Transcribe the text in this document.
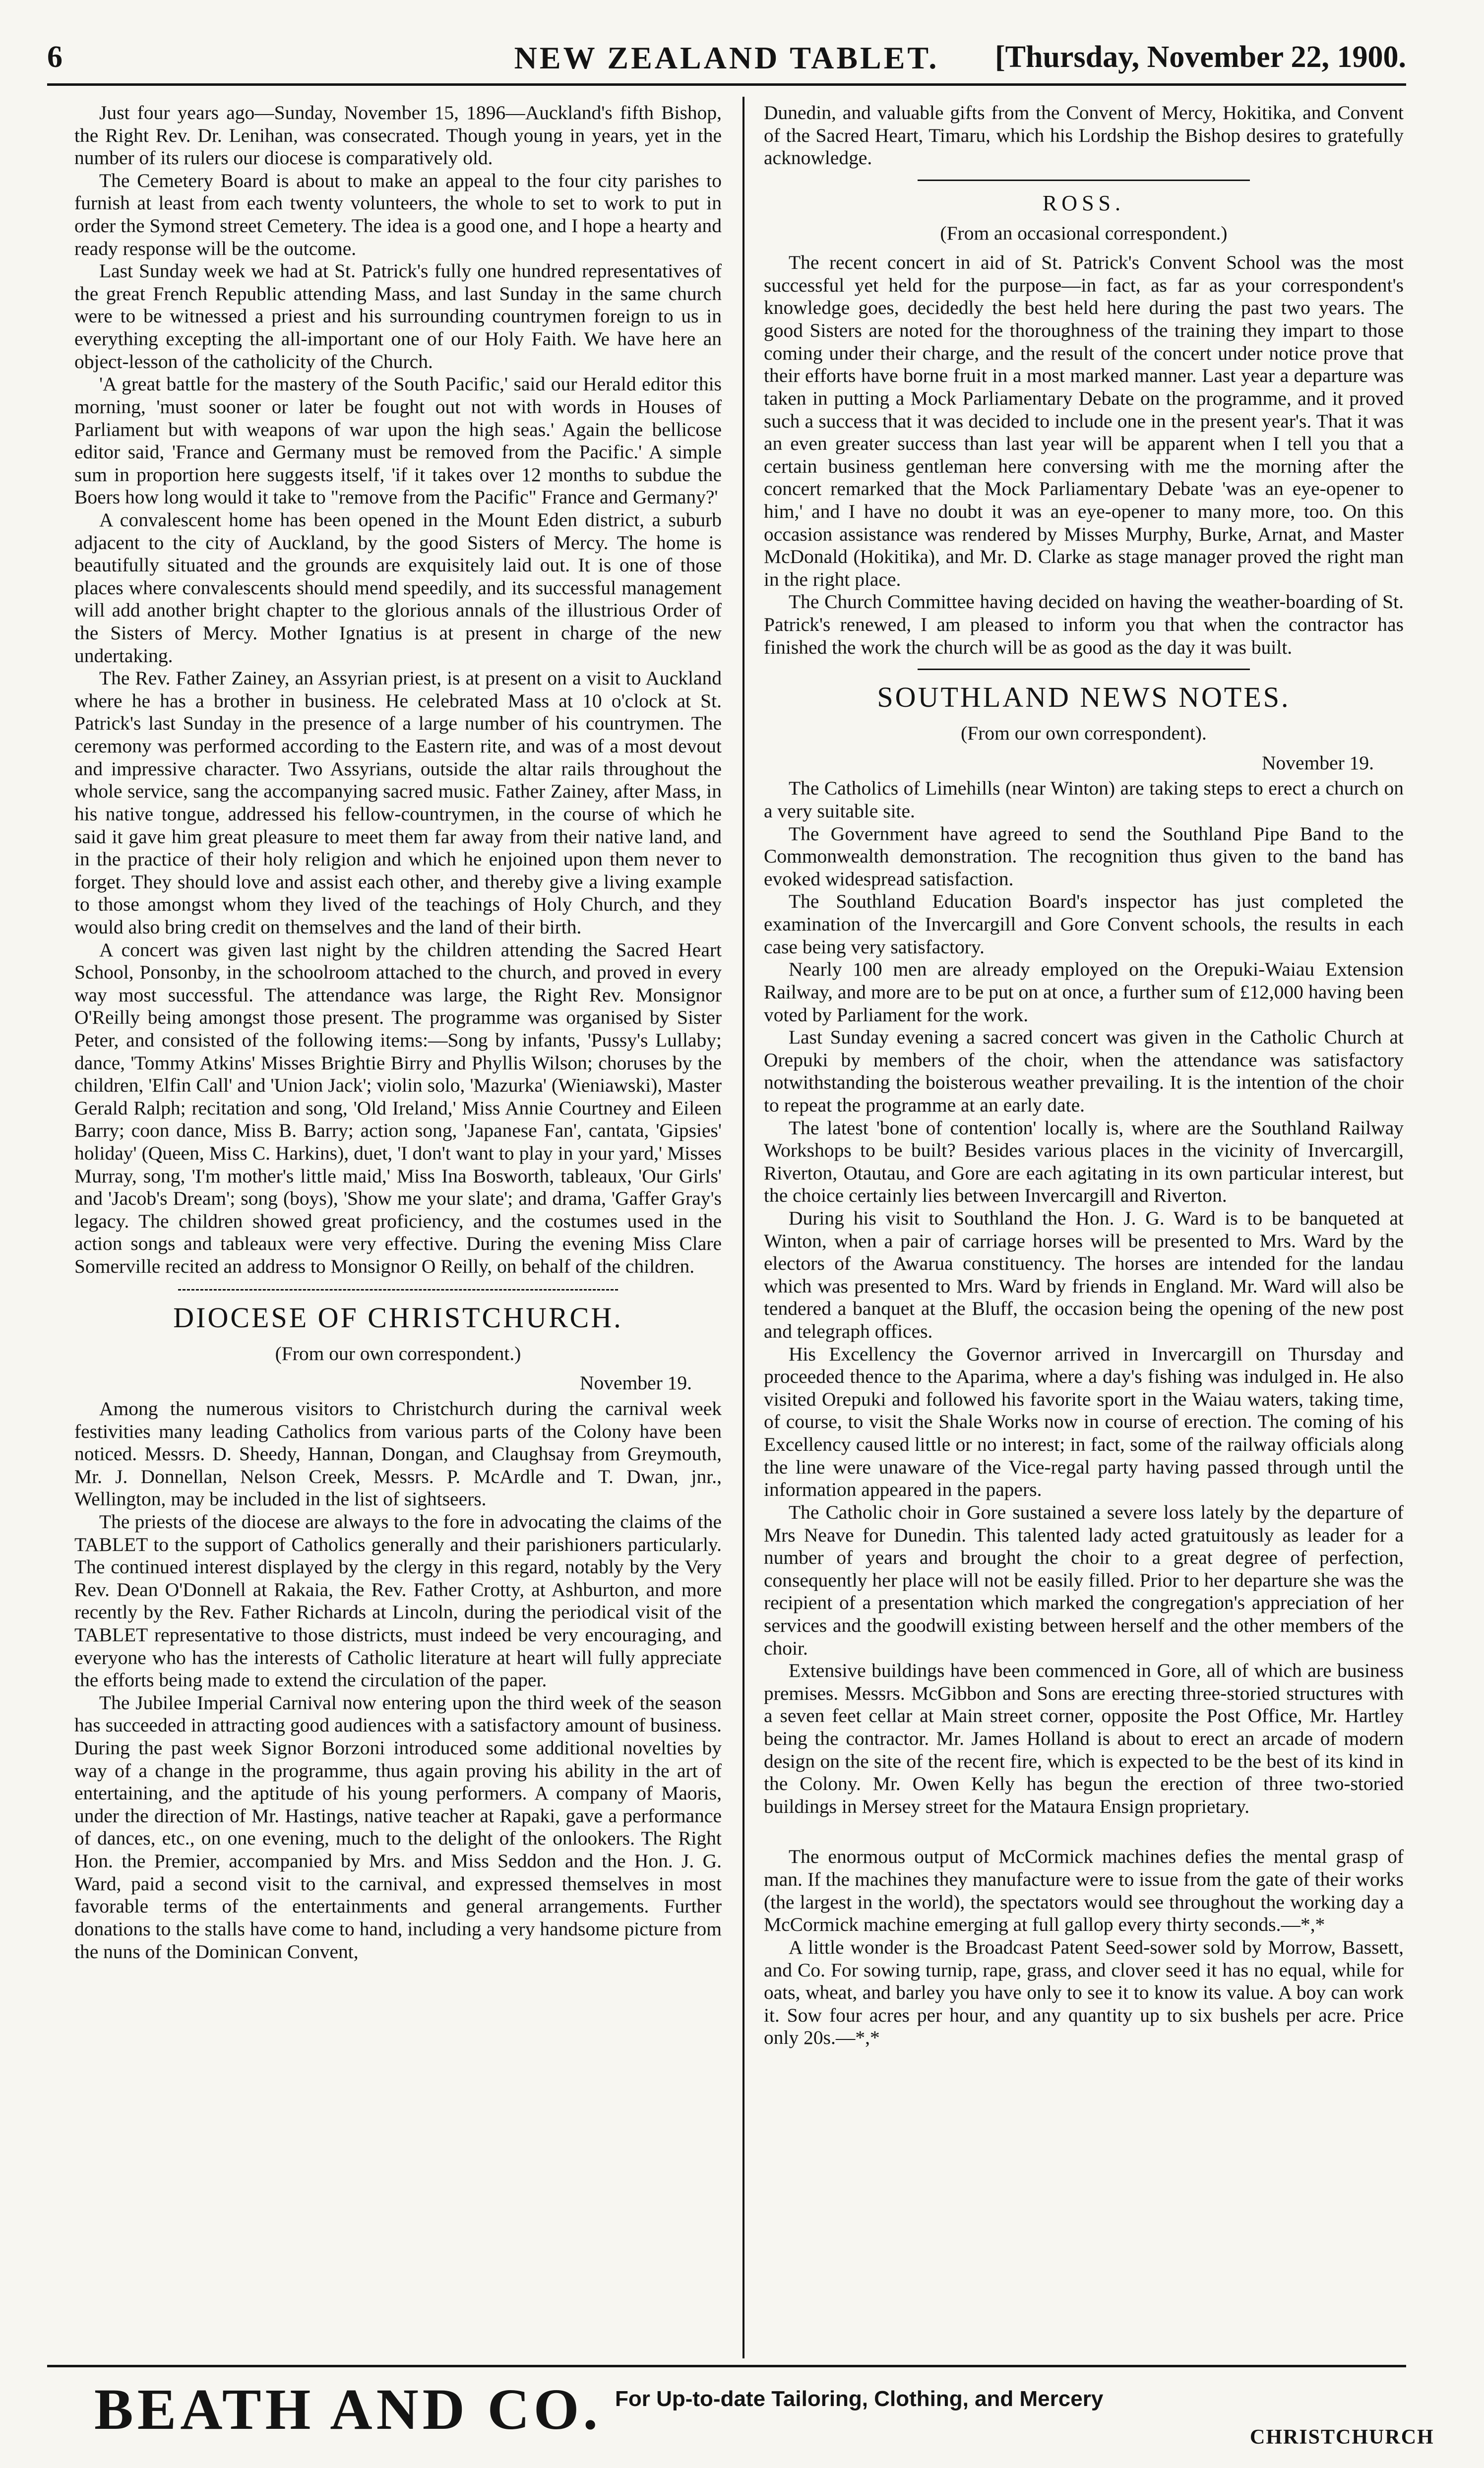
6	NEW ZEALAND TABLET.	[Thursday, November 22, 1900.

Just four years ago—Sunday, November 15, 1896—Auckland's fifth Bishop, the Right Rev. Dr. Lenihan, was consecrated. Though young in years, yet in the number of its rulers our diocese is comparatively old.

The Cemetery Board is about to make an appeal to the four city parishes to furnish at least from each twenty volunteers, the whole to set to work to put in order the Symond street Cemetery. The idea is a good one, and I hope a hearty and ready response will be the outcome.

Last Sunday week we had at St. Patrick's fully one hundred representatives of the great French Republic attending Mass, and last Sunday in the same church were to be witnessed a priest and his surrounding countrymen foreign to us in everything excepting the all-important one of our Holy Faith. We have here an object-lesson of the catholicity of the Church.

'A great battle for the mastery of the South Pacific,' said our Herald editor this morning, 'must sooner or later be fought out not with words in Houses of Parliament but with weapons of war upon the high seas.' Again the bellicose editor said, 'France and Germany must be removed from the Pacific.' A simple sum in proportion here suggests itself, 'if it takes over 12 months to subdue the Boers how long would it take to "remove from the Pacific" France and Germany?'

A convalescent home has been opened in the Mount Eden district, a suburb adjacent to the city of Auckland, by the good Sisters of Mercy. The home is beautifully situated and the grounds are exquisitely laid out. It is one of those places where convalescents should mend speedily, and its successful management will add another bright chapter to the glorious annals of the illustrious Order of the Sisters of Mercy. Mother Ignatius is at present in charge of the new undertaking.

The Rev. Father Zainey, an Assyrian priest, is at present on a visit to Auckland where he has a brother in business. He celebrated Mass at 10 o'clock at St. Patrick's last Sunday in the presence of a large number of his countrymen. The ceremony was performed according to the Eastern rite, and was of a most devout and impressive character. Two Assyrians, outside the altar rails throughout the whole service, sang the accompanying sacred music. Father Zainey, after Mass, in his native tongue, addressed his fellow-countrymen, in the course of which he said it gave him great pleasure to meet them far away from their native land, and in the practice of their holy religion and which he enjoined upon them never to forget. They should love and assist each other, and thereby give a living example to those amongst whom they lived of the teachings of Holy Church, and they would also bring credit on themselves and the land of their birth.

A concert was given last night by the children attending the Sacred Heart School, Ponsonby, in the schoolroom attached to the church, and proved in every way most successful. The attendance was large, the Right Rev. Monsignor O'Reilly being amongst those present. The programme was organised by Sister Peter, and consisted of the following items:—Song by infants, 'Pussy's Lullaby; dance, 'Tommy Atkins' Misses Brightie Birry and Phyllis Wilson; choruses by the children, 'Elfin Call' and 'Union Jack'; violin solo, 'Mazurka' (Wieniawski), Master Gerald Ralph; recitation and song, 'Old Ireland,' Miss Annie Courtney and Eileen Barry; coon dance, Miss B. Barry; action song, 'Japanese Fan', cantata, 'Gipsies' holiday' (Queen, Miss C. Harkins), duet, 'I don't want to play in your yard,' Misses Murray, song, 'I'm mother's little maid,' Miss Ina Bosworth, tableaux, 'Our Girls' and 'Jacob's Dream'; song (boys), 'Show me your slate'; and drama, 'Gaffer Gray's legacy. The children showed great proficiency, and the costumes used in the action songs and tableaux were very effective. During the evening Miss Clare Somerville recited an address to Monsignor O Reilly, on behalf of the children.

DIOCESE OF CHRISTCHURCH.
(From our own correspondent.)
November 19.

Among the numerous visitors to Christchurch during the carnival week festivities many leading Catholics from various parts of the Colony have been noticed. Messrs. D. Sheedy, Hannan, Dongan, and Claughsay from Greymouth, Mr. J. Donnellan, Nelson Creek, Messrs. P. McArdle and T. Dwan, jnr., Wellington, may be included in the list of sightseers.

The priests of the diocese are always to the fore in advocating the claims of the TABLET to the support of Catholics generally and their parishioners particularly. The continued interest displayed by the clergy in this regard, notably by the Very Rev. Dean O'Donnell at Rakaia, the Rev. Father Crotty, at Ashburton, and more recently by the Rev. Father Richards at Lincoln, during the periodical visit of the TABLET representative to those districts, must indeed be very encouraging, and everyone who has the interests of Catholic literature at heart will fully appreciate the efforts being made to extend the circulation of the paper.

The Jubilee Imperial Carnival now entering upon the third week of the season has succeeded in attracting good audiences with a satisfactory amount of business. During the past week Signor Borzoni introduced some additional novelties by way of a change in the programme, thus again proving his ability in the art of entertaining, and the aptitude of his young performers. A company of Maoris, under the direction of Mr. Hastings, native teacher at Rapaki, gave a performance of dances, etc., on one evening, much to the delight of the onlookers. The Right Hon. the Premier, accompanied by Mrs. and Miss Seddon and the Hon. J. G. Ward, paid a second visit to the carnival, and expressed themselves in most favorable terms of the entertainments and general arrangements. Further donations to the stalls have come to hand, including a very handsome picture from the nuns of the Dominican Convent,

Dunedin, and valuable gifts from the Convent of Mercy, Hokitika, and Convent of the Sacred Heart, Timaru, which his Lordship the Bishop desires to gratefully acknowledge.

ROSS.
(From an occasional correspondent.)

The recent concert in aid of St. Patrick's Convent School was the most successful yet held for the purpose—in fact, as far as your correspondent's knowledge goes, decidedly the best held here during the past two years. The good Sisters are noted for the thoroughness of the training they impart to those coming under their charge, and the result of the concert under notice prove that their efforts have borne fruit in a most marked manner. Last year a departure was taken in putting a Mock Parliamentary Debate on the programme, and it proved such a success that it was decided to include one in the present year's. That it was an even greater success than last year will be apparent when I tell you that a certain business gentleman here conversing with me the morning after the concert remarked that the Mock Parliamentary Debate 'was an eye-opener to him,' and I have no doubt it was an eye-opener to many more, too. On this occasion assistance was rendered by Misses Murphy, Burke, Arnat, and Master McDonald (Hokitika), and Mr. D. Clarke as stage manager proved the right man in the right place.

The Church Committee having decided on having the weather-boarding of St. Patrick's renewed, I am pleased to inform you that when the contractor has finished the work the church will be as good as the day it was built.

SOUTHLAND NEWS NOTES.
(From our own correspondent).
November 19.

The Catholics of Limehills (near Winton) are taking steps to erect a church on a very suitable site.

The Government have agreed to send the Southland Pipe Band to the Commonwealth demonstration. The recognition thus given to the band has evoked widespread satisfaction.

The Southland Education Board's inspector has just completed the examination of the Invercargill and Gore Convent schools, the results in each case being very satisfactory.

Nearly 100 men are already employed on the Orepuki-Waiau Extension Railway, and more are to be put on at once, a further sum of £12,000 having been voted by Parliament for the work.

Last Sunday evening a sacred concert was given in the Catholic Church at Orepuki by members of the choir, when the attendance was satisfactory notwithstanding the boisterous weather prevailing. It is the intention of the choir to repeat the programme at an early date.

The latest 'bone of contention' locally is, where are the Southland Railway Workshops to be built? Besides various places in the vicinity of Invercargill, Riverton, Otautau, and Gore are each agitating in its own particular interest, but the choice certainly lies between Invercargill and Riverton.

During his visit to Southland the Hon. J. G. Ward is to be banqueted at Winton, when a pair of carriage horses will be presented to Mrs. Ward by the electors of the Awarua constituency. The horses are intended for the landau which was presented to Mrs. Ward by friends in England. Mr. Ward will also be tendered a banquet at the Bluff, the occasion being the opening of the new post and telegraph offices.

His Excellency the Governor arrived in Invercargill on Thursday and proceeded thence to the Aparima, where a day's fishing was indulged in. He also visited Orepuki and followed his favorite sport in the Waiau waters, taking time, of course, to visit the Shale Works now in course of erection. The coming of his Excellency caused little or no interest; in fact, some of the railway officials along the line were unaware of the Vice-regal party having passed through until the information appeared in the papers.

The Catholic choir in Gore sustained a severe loss lately by the departure of Mrs Neave for Dunedin. This talented lady acted gratuitously as leader for a number of years and brought the choir to a great degree of perfection, consequently her place will not be easily filled. Prior to her departure she was the recipient of a presentation which marked the congregation's appreciation of her services and the goodwill existing between herself and the other members of the choir.

Extensive buildings have been commenced in Gore, all of which are business premises. Messrs. McGibbon and Sons are erecting three-storied structures with a seven feet cellar at Main street corner, opposite the Post Office, Mr. Hartley being the contractor. Mr. James Holland is about to erect an arcade of modern design on the site of the recent fire, which is expected to be the best of its kind in the Colony. Mr. Owen Kelly has begun the erection of three two-storied buildings in Mersey street for the Mataura Ensign proprietary.

The enormous output of McCormick machines defies the mental grasp of man. If the machines they manufacture were to issue from the gate of their works (the largest in the world), the spectators would see throughout the working day a McCormick machine emerging at full gallop every thirty seconds.—*,*

A little wonder is the Broadcast Patent Seed-sower sold by Morrow, Bassett, and Co. For sowing turnip, rape, grass, and clover seed it has no equal, while for oats, wheat, and barley you have only to see it to know its value. A boy can work it. Sow four acres per hour, and any quantity up to six bushels per acre. Price only 20s.—*,*

BEATH AND CO. For Up-to-date Tailoring, Clothing, and Mercery
CHRISTCHURCH
